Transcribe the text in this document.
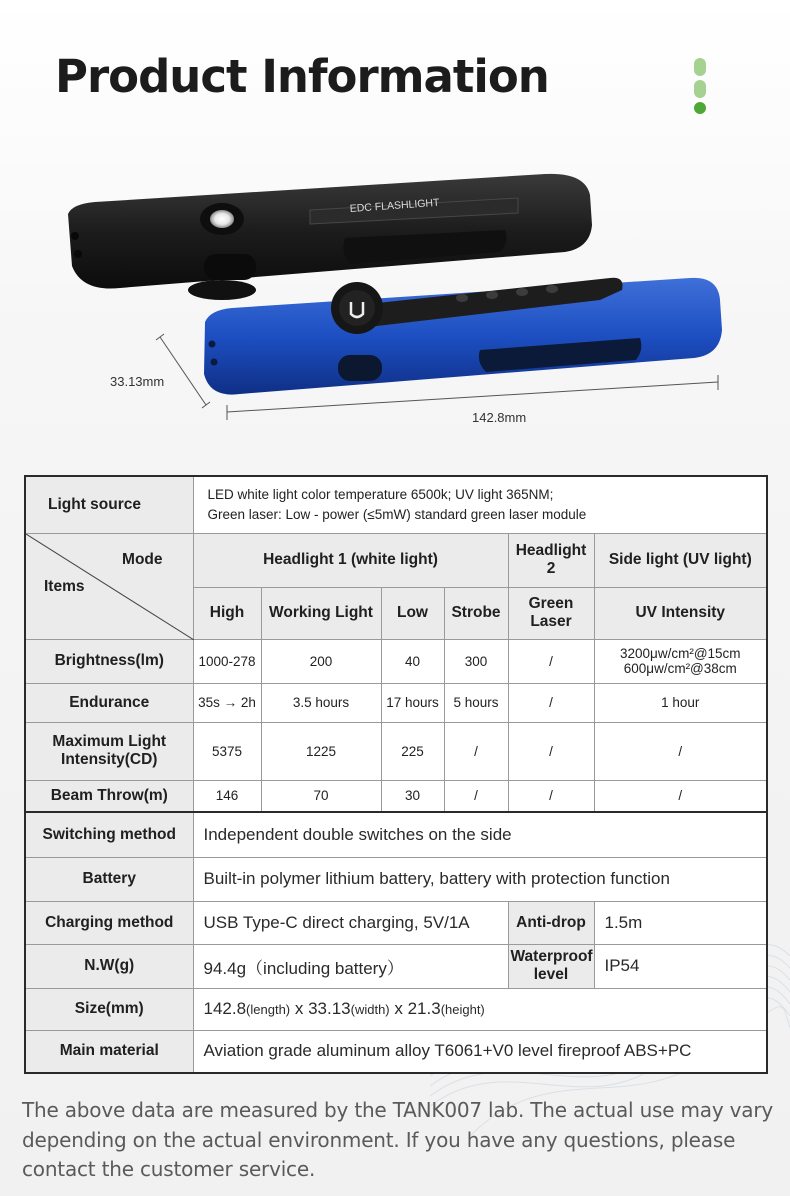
Product Information
EDC FLASHLIGHT
33.13mm
142.8mm
Light source	LED white light color temperature 6500k; UV light 365NM;
Green laser: Low - power (≤5mW) standard green laser module					

Mode
Items	Headlight 1 (white light)				Headlight 2	Side light (UV light)
	High	Working Light	Low	Strobe	Green Laser	UV Intensity
Brightness(lm)	1000-278	200	40	300	/	3200μw/cm²@15cm
600μw/cm²@38cm

Endurance	35s → 2h	3.5 hours	17 hours	5 hours	/	1 hour
Maximum Light Intensity(CD)	5375	1225	225	/	/	/
Beam Throw(m)	146	70	30	/	/	/
Switching method	Independent double switches on the side					
Battery	Built-in polymer lithium battery, battery with protection function					
Charging method	USB Type-C direct charging, 5V/1A				Anti-drop	1.5m
N.W(g)	94.4g（including battery）				Waterproof level	IP54
Size(mm)	142.8(length) x 33.13(width) x 21.3(height)					
Main material	Aviation grade aluminum alloy T6061+V0 level fireproof ABS+PC					

The above data are measured by the TANK007 lab. The actual use may vary depending on the actual environment. If you have any questions, please contact the customer service.
